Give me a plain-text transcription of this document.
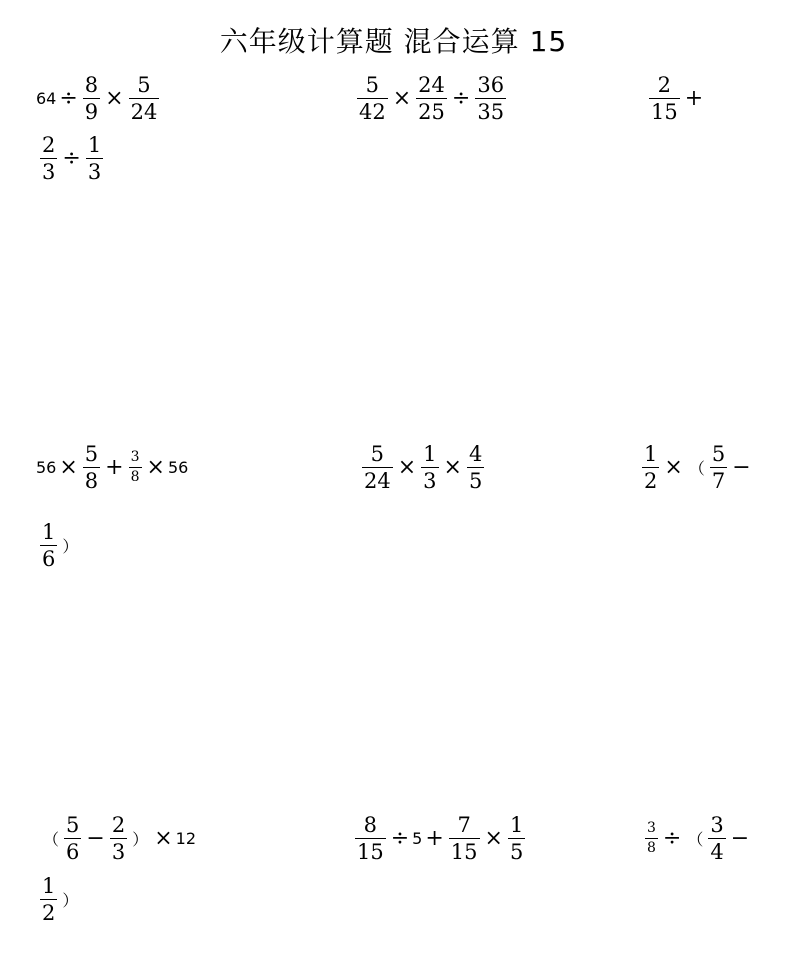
六年级计算题 混合运算 15
$64 \div \frac{8}{9} \times \frac{5}{24}$
$\frac{2}{3} \div \frac{1}{3}$
$\frac{5}{42} \times \frac{24}{25} \div \frac{36}{35}$	$\frac{2}{15}$ +
$56 \times \frac{5}{8} + \frac{3}{8} \times 56$
$\frac{1}{6}$ ）
$\frac{5}{24} \times \frac{1}{3} \times \frac{4}{5}$	$\frac{1}{2}$ × （ $\frac{5}{7}$ −
（ $\frac{5}{6} - \frac{2}{3}$ ） × 12
$\frac{1}{2}$ ）
$\frac{8}{15} \div 5 + \frac{7}{15} \times \frac{1}{5}$	$\frac{3}{8}$ ÷ （ $\frac{3}{4}$ −
